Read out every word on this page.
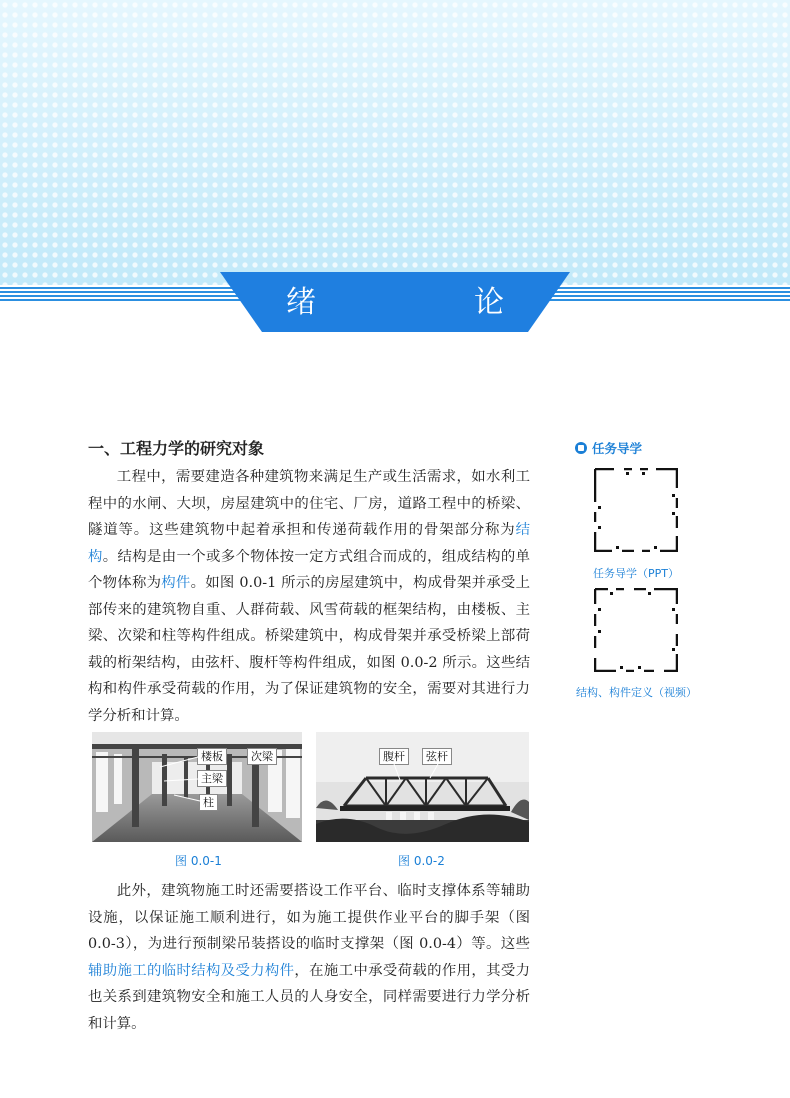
绪　论
一、工程力学的研究对象

工程中，需要建造各种建筑物来满足生产或生活需求，如水利工程中的水闸、大坝，房屋建筑中的住宅、厂房，道路工程中的桥梁、隧道等。这些建筑物中起着承担和传递荷载作用的骨架部分称为结构。结构是由一个或多个物体按一定方式组合而成的，组成结构的单个物体称为构件。如图 0.0-1 所示的房屋建筑中，构成骨架并承受上部传来的建筑物自重、人群荷载、风雪荷载的框架结构，由楼板、主梁、次梁和柱等构件组成。桥梁建筑中，构成骨架并承受桥梁上部荷载的桁架结构，由弦杆、腹杆等构件组成，如图 0.0-2 所示。这些结构和构件承受荷载的作用，为了保证建筑物的安全，需要对其进行力学分析和计算。

楼板	次梁
主梁
柱
图 0.0-1
腹杆	弦杆
图 0.0-2

此外，建筑物施工时还需要搭设工作平台、临时支撑体系等辅助设施，以保证施工顺利进行，如为施工提供作业平台的脚手架（图 0.0-3），为进行预制梁吊装搭设的临时支撑架（图 0.0-4）等。这些辅助施工的临时结构及受力构件，在施工中承受荷载的作用，其受力也关系到建筑物安全和施工人员的人身安全，同样需要进行力学分析和计算。

任务导学
任务导学（PPT）
结构、构件定义（视频）
